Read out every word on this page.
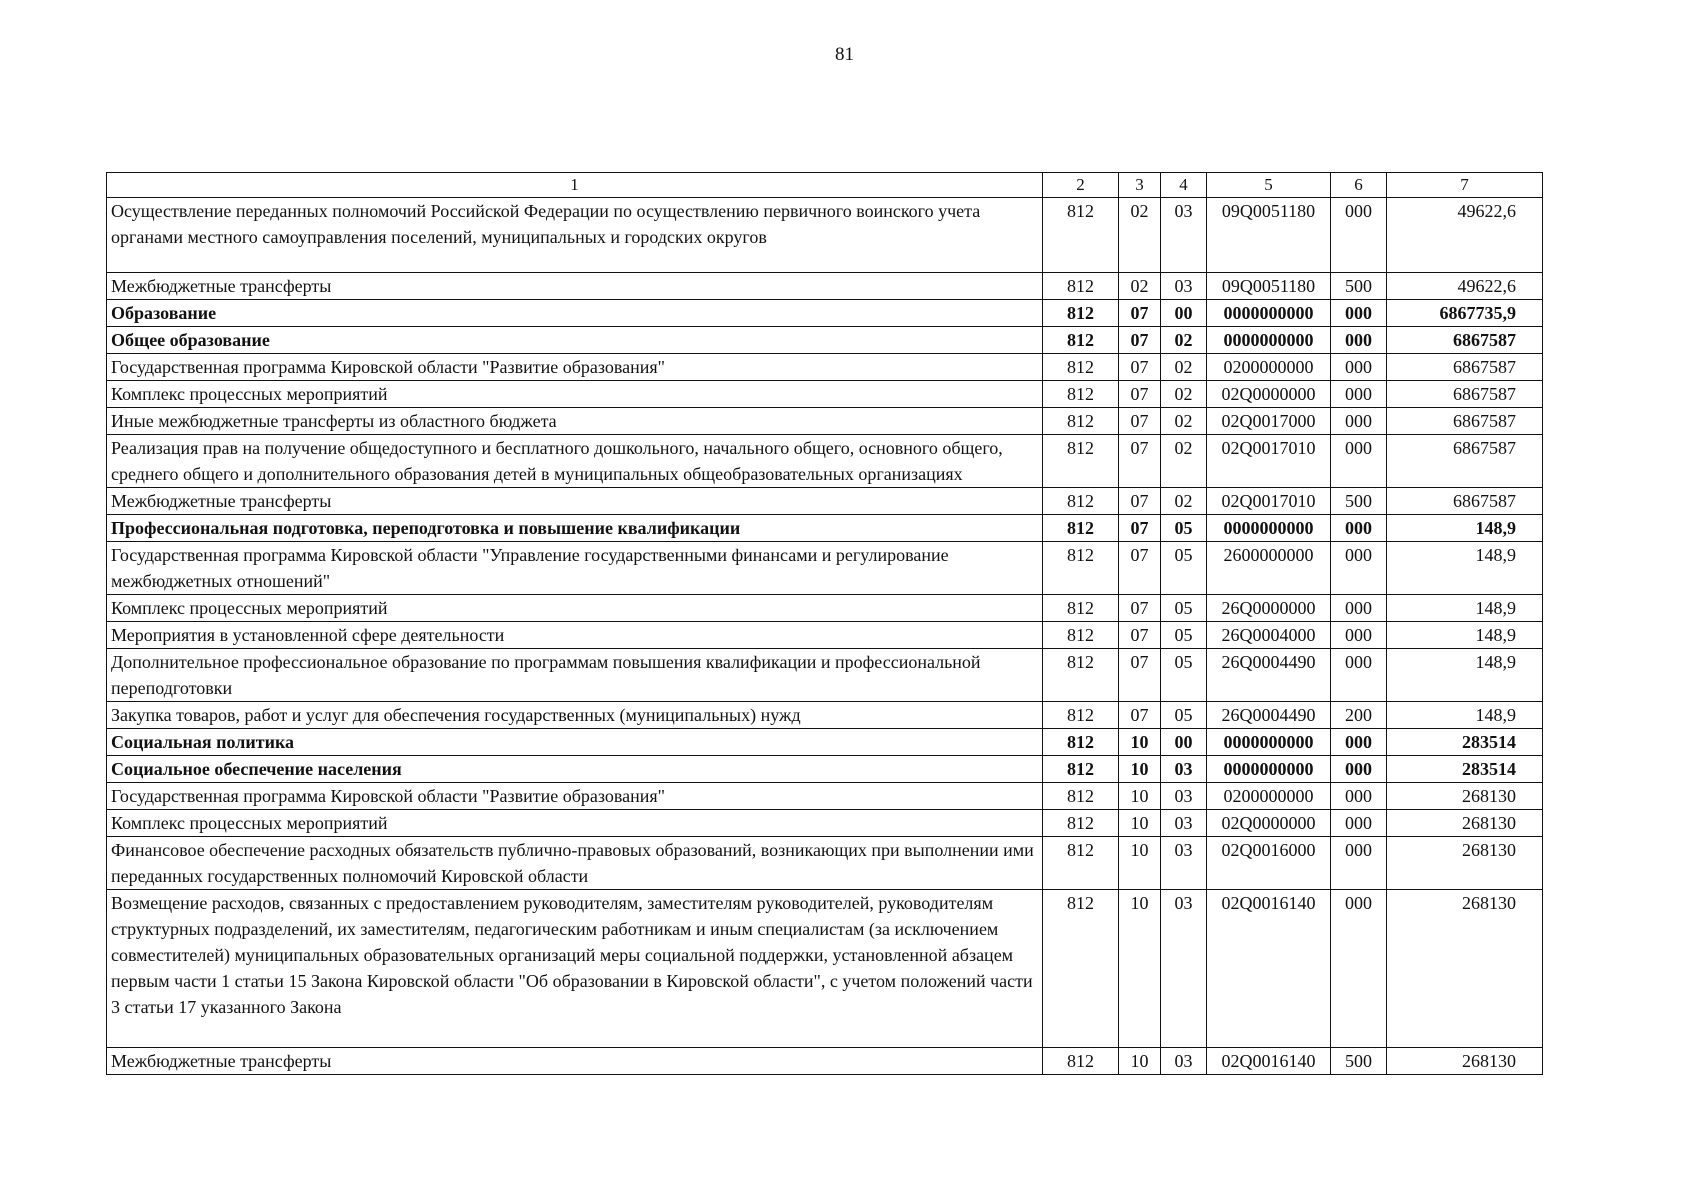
81
1	2	3	4	5	6	7
Осуществление переданных полномочий Российской Федерации по осуществлению первичного воинского учета органами местного самоуправления поселений, муниципальных и городских округов	812	02	03	09Q0051180	000	49622,6
Межбюджетные трансферты	812	02	03	09Q0051180	500	49622,6
Образование	812	07	00	0000000000	000	6867735,9
Общее образование	812	07	02	0000000000	000	6867587
Государственная программа Кировской области "Развитие образования"	812	07	02	0200000000	000	6867587
Комплекс процессных мероприятий	812	07	02	02Q0000000	000	6867587
Иные межбюджетные трансферты из областного бюджета	812	07	02	02Q0017000	000	6867587
Реализация прав на получение общедоступного и бесплатного дошкольного, начального общего, основного общего, среднего общего и дополнительного образования детей в муниципальных общеобразовательных организациях	812	07	02	02Q0017010	000	6867587
Межбюджетные трансферты	812	07	02	02Q0017010	500	6867587
Профессиональная подготовка, переподготовка и повышение квалификации	812	07	05	0000000000	000	148,9
Государственная программа Кировской области "Управление государственными финансами и регулирование межбюджетных отношений"	812	07	05	2600000000	000	148,9
Комплекс процессных мероприятий	812	07	05	26Q0000000	000	148,9
Мероприятия в установленной сфере деятельности	812	07	05	26Q0004000	000	148,9
Дополнительное профессиональное образование по программам повышения квалификации и профессиональной переподготовки	812	07	05	26Q0004490	000	148,9
Закупка товаров, работ и услуг для обеспечения государственных (муниципальных) нужд	812	07	05	26Q0004490	200	148,9
Социальная политика	812	10	00	0000000000	000	283514
Социальное обеспечение населения	812	10	03	0000000000	000	283514
Государственная программа Кировской области "Развитие образования"	812	10	03	0200000000	000	268130
Комплекс процессных мероприятий	812	10	03	02Q0000000	000	268130
Финансовое обеспечение расходных обязательств публично-правовых образований, возникающих при выполнении ими переданных государственных полномочий Кировской области	812	10	03	02Q0016000	000	268130
Возмещение расходов, связанных с предоставлением руководителям, заместителям руководителей, руководителям структурных подразделений, их заместителям, педагогическим работникам и иным специалистам (за исключением совместителей) муниципальных образовательных организаций меры социальной поддержки, установленной абзацем первым части 1 статьи 15 Закона Кировской области "Об образовании в Кировской области", с учетом положений части 3 статьи 17 указанного Закона	812	10	03	02Q0016140	000	268130
Межбюджетные трансферты	812	10	03	02Q0016140	500	268130
